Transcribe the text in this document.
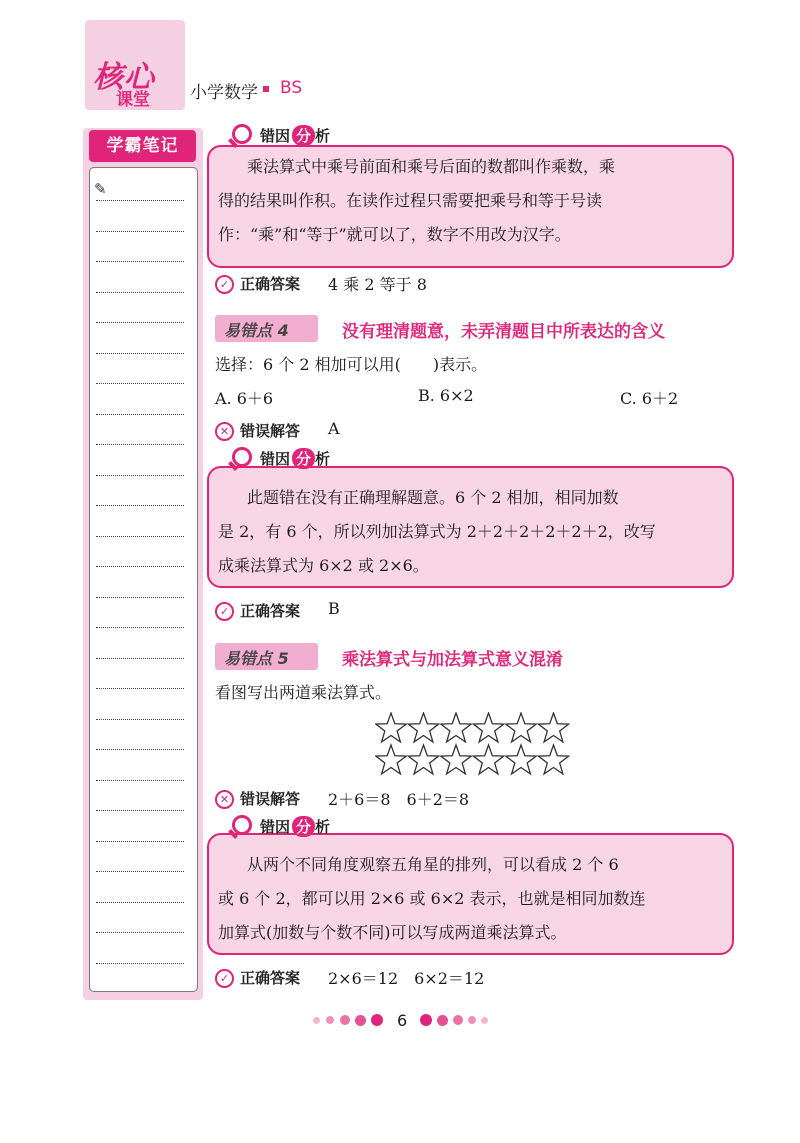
核心
课堂 小学数学 BS
学霸笔记
✎
错因 分 析
乘法算式中乘号前面和乘号后面的数都叫作乘数，乘
得的结果叫作积。在读作过程只需要把乘号和等于号读
作：“乘”和“等于”就可以了，数字不用改为汉字。
✓ 正确答案 4 乘 2 等于 8
易错点 4	没有理清题意，未弄清题目中所表达的含义
选择：6 个 2 相加可以用(　　)表示。
A. 6＋6	B. 6×2	C. 6＋2
✕ 错误解答 A
错因 分 析
此题错在没有正确理解题意。6 个 2 相加，相同加数
是 2，有 6 个，所以列加法算式为 2＋2＋2＋2＋2＋2，改写
成乘法算式为 6×2 或 2×6。
✓ 正确答案 B
易错点 5	乘法算式与加法算式意义混淆
看图写出两道乘法算式。
✕ 错误解答 2＋6＝8　6＋2＝8
错因 分 析
从两个不同角度观察五角星的排列，可以看成 2 个 6
或 6 个 2，都可以用 2×6 或 6×2 表示，也就是相同加数连
加算式(加数与个数不同)可以写成两道乘法算式。
✓ 正确答案 2×6＝12　6×2＝12
6
